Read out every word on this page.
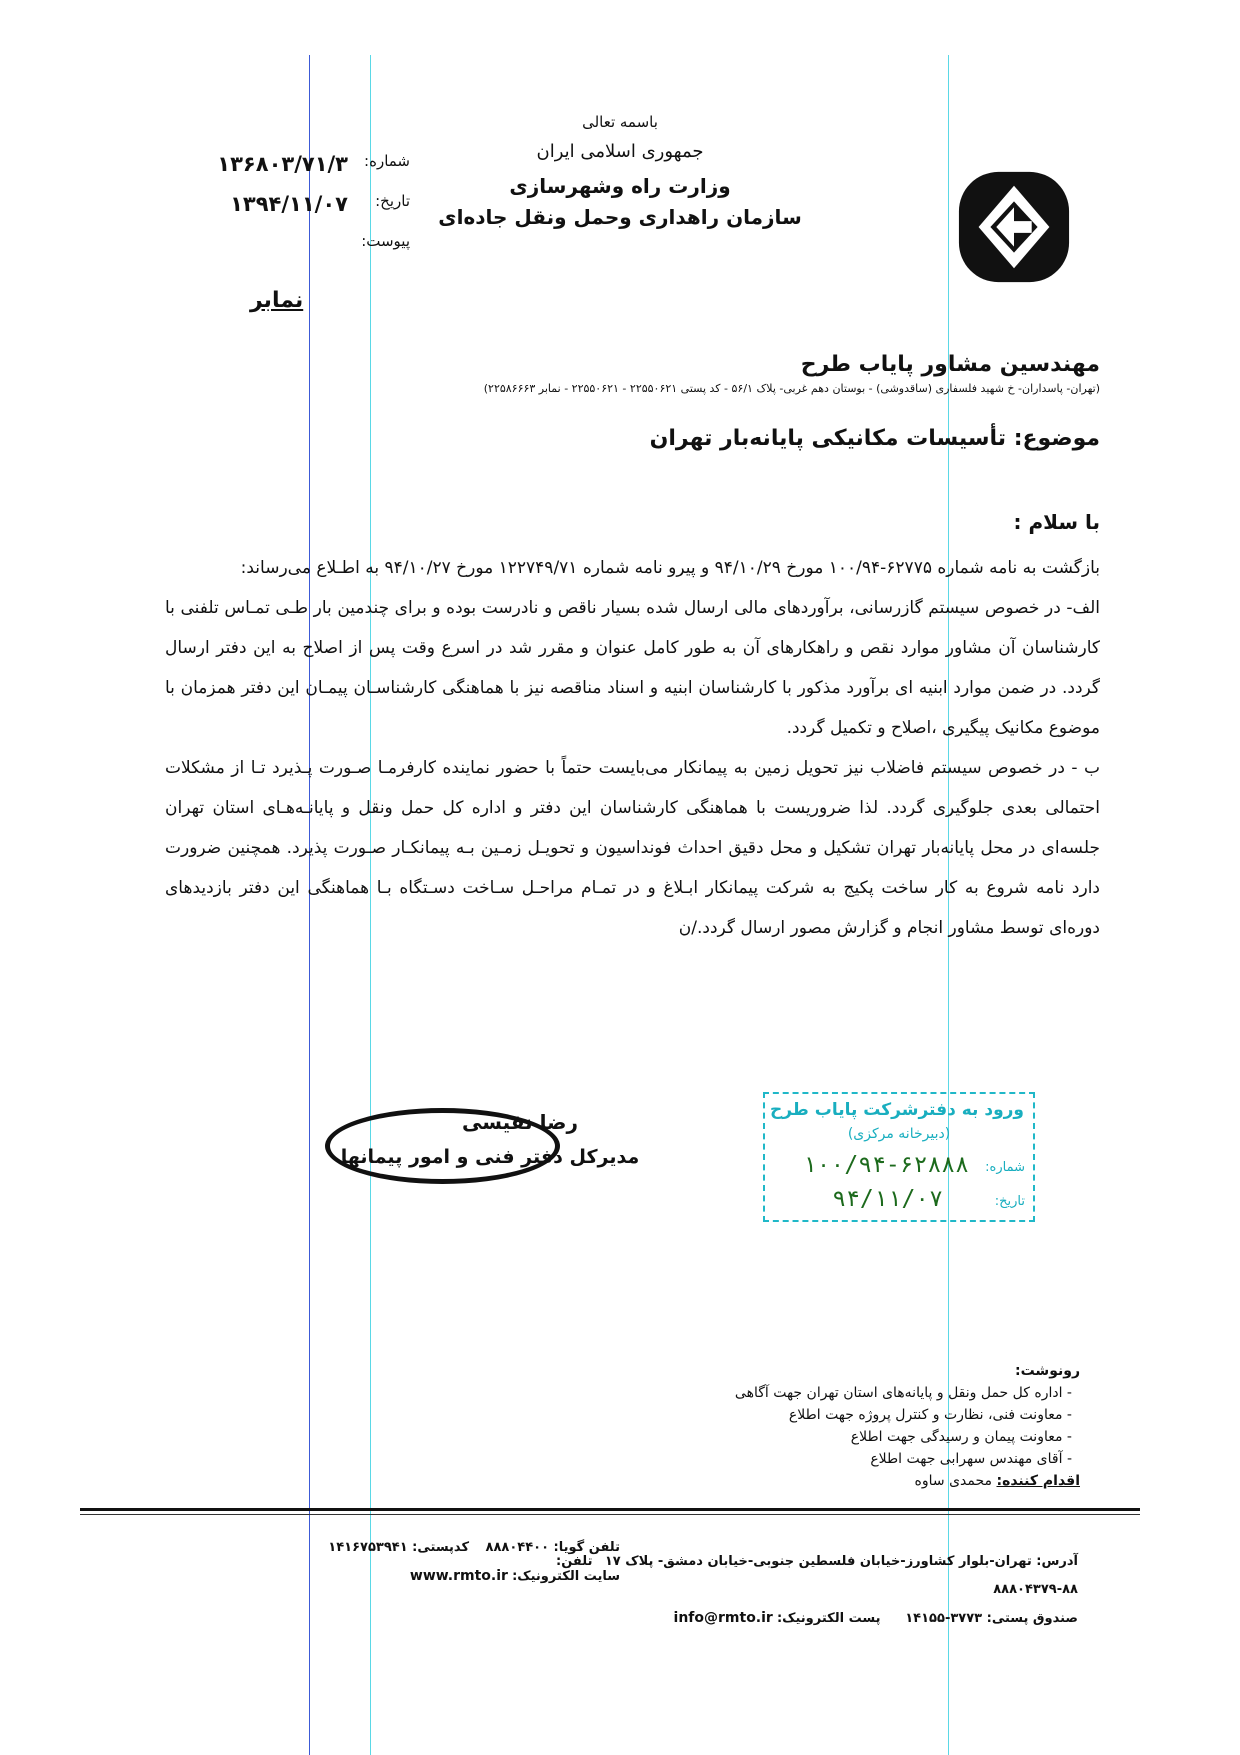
باسمه تعالی
جمهوری اسلامی ایران
وزارت راه وشهرسازی
سازمان راهداری وحمل ونقل جاده‌ای
شماره:
۱۳۶۸۰۳/۷۱/۳
تاریخ:
۱۳۹۴/۱۱/۰۷
پیوست:
نمابر
مهندسین مشاور پایاب طرح
(تهران- پاسداران- خ شهید فلسفاری (ساقدوشی) - بوستان دهم غربی- پلاک ۵۶/۱ - کد پستی ۲۲۵۵۰۶۲۱ - ۲۲۵۵۰۶۲۱ - نمابر ۲۲۵۸۶۶۶۳)
موضوع: تأسیسات مکانیکی پایانه‌بار تهران
با سلام :

بازگشت به نامه شماره ۶۲۷۷۵-۱۰۰/۹۴ مورخ ۹۴/۱۰/۲۹ و پیرو نامه شماره ۱۲۲۷۴۹/۷۱ مورخ ۹۴/۱۰/۲۷ به اطـلاع می‌رساند:

الف- در خصوص سیستم گازرسانی، برآوردهای مالی ارسال شده بسیار ناقص و نادرست بوده و برای چندمین بار طـی تمـاس تلفنی با کارشناسان آن مشاور موارد نقص و راهکارهای آن به طور کامل عنوان و مقرر شد در اسرع وقت پس از اصلاح به این دفتر ارسال گردد. در ضمن موارد ابنیه ای برآورد مذکور با کارشناسان ابنیه و اسناد مناقصه نیز با هماهنگی کارشناسـان پیمـان این دفتر همزمان با موضوع مکانیک پیگیری ،اصلاح و تکمیل گردد.

ب - در خصوص سیستم فاضلاب نیز تحویل زمین به پیمانکار می‌بایست حتماً با حضور نماینده کارفرمـا صـورت پـذیرد تـا از مشکلات احتمالی بعدی جلوگیری گردد. لذا ضروریست با هماهنگی کارشناسان این دفتر و اداره کل حمل ونقل و پایانـه‌هـای استان تهران جلسه‌ای در محل پایانه‌بار تهران تشکیل و محل دقیق احداث فونداسیون و تحویـل زمـین بـه پیمانکـار صـورت پذیرد. همچنین ضرورت دارد نامه شروع به کار ساخت پکیج به شرکت پیمانکار ابـلاغ و در تمـام مراحـل سـاخت دسـتگاه بـا هماهنگی این دفتر بازدیدهای دوره‌ای توسط مشاور انجام و گزارش مصور ارسال گردد./ن

رضا نفیسی
مدیرکل دفتر فنی و امور پیمانها
ورود به دفترشرکت پایاب طرح
(دبیرخانه مرکزی)
شماره:
۱۰۰/۹۴-۶۲۸۸۸
تاریخ:
۹۴/۱۱/۰۷
رونوشت:
- اداره کل حمل ونقل و پایانه‌های استان تهران جهت آگاهی
- معاونت فنی، نظارت و کنترل پروژه جهت اطلاع
- معاونت پیمان و رسیدگی جهت اطلاع
- آقای مهندس سهرابی جهت اطلاع
اقدام کننده: محمدی ساوه
آدرس: تهران-بلوار کشاورز-خیابان فلسطین جنوبی-خیابان دمشق- پلاک ۱۷   تلفن: ۸۸-۸۸۸۰۴۳۷۹
صندوق پستی: ۳۷۷۳-۱۴۱۵۵      پست الکترونیک: info@rmto.ir
تلفن گویا: ۸۸۸۰۴۴۰۰    کدپستی: ۱۴۱۶۷۵۳۹۴۱
سایت الکترونیک: www.rmto.ir
